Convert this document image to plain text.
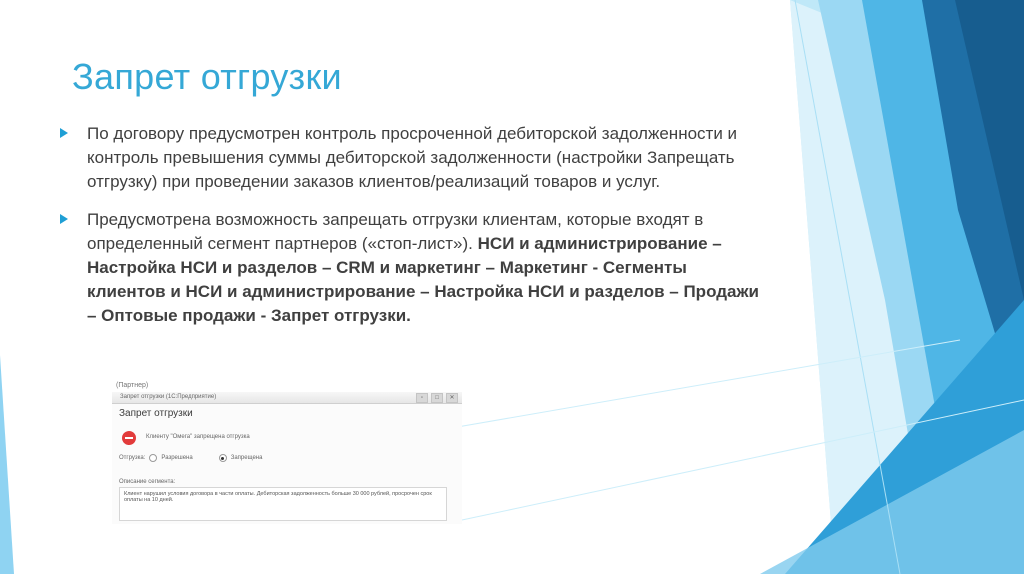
Запрет отгрузки
По договору предусмотрен контроль просроченной дебиторской задолженности и контроль превышения суммы дебиторской задолженности (настройки Запрещать отгрузку) при проведении заказов клиентов/реализаций товаров и услуг.
Предусмотрена возможность запрещать отгрузки клиентам, которые входят в определенный сегмент партнеров («стоп-лист»). НСИ и администрирование – Настройка НСИ и разделов – CRM и маркетинг – Маркетинг - Сегменты клиентов и НСИ и администрирование – Настройка НСИ и разделов – Продажи – Оптовые продажи - Запрет отгрузки.
(Партнер)
Запрет отгрузки (1С:Предприятие)	▫	□	✕
Запрет отгрузки
Клиенту "Омега" запрещена отгрузка
Отгрузка:	Разрешена	Запрещена
Описание сегмента:
Клиент нарушил условия договора в части оплаты. Дебиторская задолженность больше 30 000 рублей, просрочен срок оплаты на 10 дней.
